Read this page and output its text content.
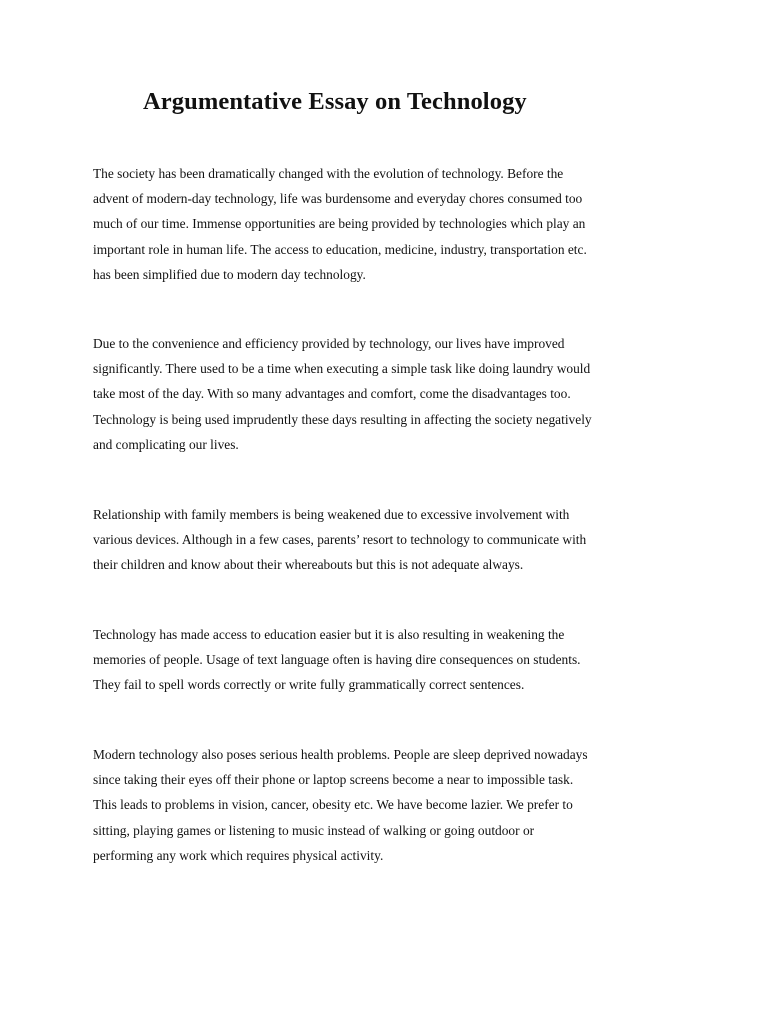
Argumentative Essay on Technology

The society has been dramatically changed with the evolution of technology. Before the
advent of modern-day technology, life was burdensome and everyday chores consumed too
much of our time. Immense opportunities are being provided by technologies which play an
important role in human life. The access to education, medicine, industry, transportation etc.
has been simplified due to modern day technology.

Due to the convenience and efficiency provided by technology, our lives have improved
significantly. There used to be a time when executing a simple task like doing laundry would
take most of the day. With so many advantages and comfort, come the disadvantages too.
Technology is being used imprudently these days resulting in affecting the society negatively
and complicating our lives.

Relationship with family members is being weakened due to excessive involvement with
various devices. Although in a few cases, parents’ resort to technology to communicate with
their children and know about their whereabouts but this is not adequate always.

Technology has made access to education easier but it is also resulting in weakening the
memories of people. Usage of text language often is having dire consequences on students.
They fail to spell words correctly or write fully grammatically correct sentences.

Modern technology also poses serious health problems. People are sleep deprived nowadays
since taking their eyes off their phone or laptop screens become a near to impossible task.
This leads to problems in vision, cancer, obesity etc. We have become lazier. We prefer to
sitting, playing games or listening to music instead of walking or going outdoor or
performing any work which requires physical activity.
